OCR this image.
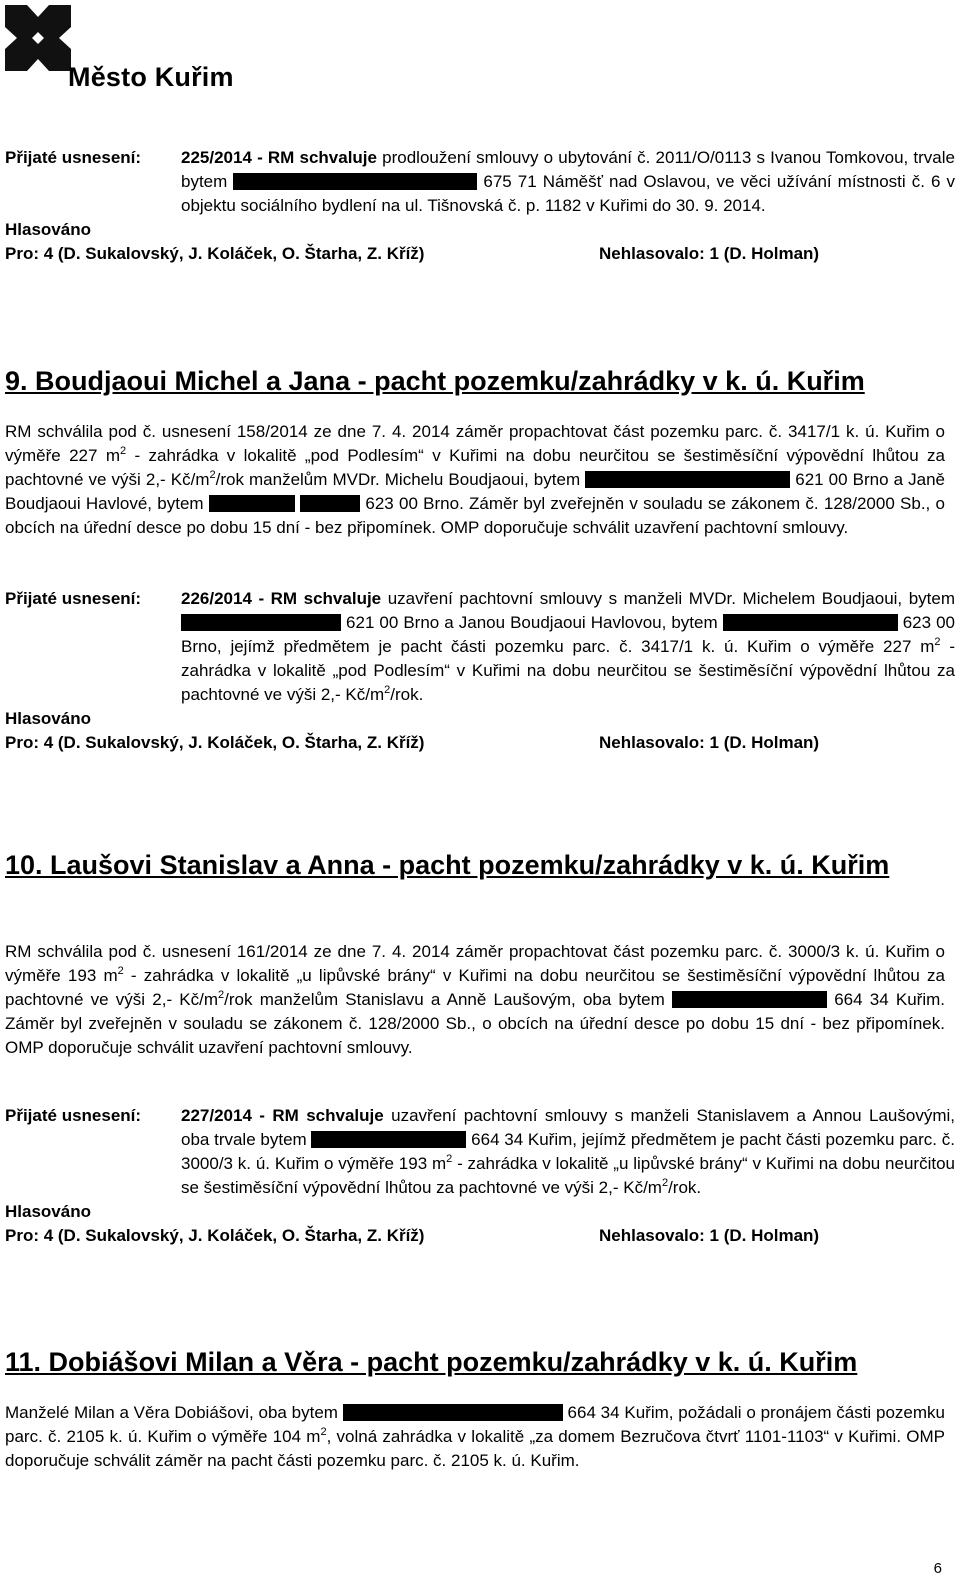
Město Kuřim
Přijaté usnesení:	225/2014 - RM schvaluje prodloužení smlouvy o ubytování č. 2011/O/0113 s Ivanou Tomkovou, trvale bytem	675 71 Náměšť nad Oslavou, ve věci užívání místnosti č. 6 v objektu sociálního bydlení na ul. Tišnovská č. p. 1182 v Kuřimi do 30. 9. 2014.
Hlasováno
Pro: 4 (D. Sukalovský, J. Koláček, O. Štarha, Z. Kříž)	Nehlasovalo: 1 (D. Holman)
9. Boudjaoui Michel a Jana - pacht pozemku/zahrádky v k. ú. Kuřim
RM schválila pod č. usnesení 158/2014 ze dne 7. 4. 2014 záměr propachtovat část pozemku parc. č. 3417/1 k. ú. Kuřim o výměře 227 $m^2$ - zahrádka v lokalitě „pod Podlesím“ v Kuřimi na dobu neurčitou se šestiměsíční výpovědní lhůtou za pachtovné ve výši 2,- $Kč/m^2$/rok manželům MVDr. Michelu Boudjaoui, bytem	621 00 Brno a Janě Boudjaoui Havlové, bytem	623 00 Brno. Záměr byl zveřejněn v souladu se zákonem č. 128/2000 Sb., o obcích na úřední desce po dobu 15 dní - bez připomínek. OMP doporučuje schválit uzavření pachtovní smlouvy.
Přijaté usnesení:	226/2014 - RM schvaluje uzavření pachtovní smlouvy s manželi MVDr. Michelem Boudjaoui, bytem  621 00 Brno a Janou Boudjaoui Havlovou, bytem	623 00 Brno, jejímž předmětem je pacht části pozemku parc. č. 3417/1 k. ú. Kuřim o výměře 227 $m^2$ - zahrádka v lokalitě „pod Podlesím“ v Kuřimi na dobu neurčitou se šestiměsíční výpovědní lhůtou za pachtovné ve výši 2,- $Kč/m^2$/rok.
Hlasováno
Pro: 4 (D. Sukalovský, J. Koláček, O. Štarha, Z. Kříž)	Nehlasovalo: 1 (D. Holman)
10. Laušovi Stanislav a Anna - pacht pozemku/zahrádky v k. ú. Kuřim
RM schválila pod č. usnesení 161/2014 ze dne 7. 4. 2014 záměr propachtovat část pozemku parc. č. 3000/3 k. ú. Kuřim o výměře 193 $m^2$ - zahrádka v lokalitě „u lipůvské brány“ v Kuřimi na dobu neurčitou se šestiměsíční výpovědní lhůtou za pachtovné ve výši 2,- $Kč/m^2$/rok manželům Stanislavu a Anně Laušovým, oba bytem	664 34 Kuřim. Záměr byl zveřejněn v souladu se zákonem č. 128/2000 Sb., o obcích na úřední desce po dobu 15 dní - bez připomínek. OMP doporučuje schválit uzavření pachtovní smlouvy.
Přijaté usnesení:	227/2014 - RM schvaluje uzavření pachtovní smlouvy s manželi Stanislavem a Annou Laušovými, oba trvale bytem	664 34 Kuřim, jejímž předmětem je pacht části pozemku parc. č. 3000/3 k. ú. Kuřim o výměře 193 $m^2$ - zahrádka v lokalitě „u lipůvské brány“ v Kuřimi na dobu neurčitou se šestiměsíční výpovědní lhůtou za pachtovné ve výši 2,- $Kč/m^2$/rok.
Hlasováno
Pro: 4 (D. Sukalovský, J. Koláček, O. Štarha, Z. Kříž)	Nehlasovalo: 1 (D. Holman)
11. Dobiášovi Milan a Věra - pacht pozemku/zahrádky v k. ú. Kuřim
Manželé Milan a Věra Dobiášovi, oba bytem	664 34 Kuřim, požádali o pronájem části pozemku parc. č. 2105 k. ú. Kuřim o výměře 104 $m^2$, volná zahrádka v lokalitě „za domem Bezručova čtvrť 1101-1103“ v Kuřimi. OMP doporučuje schválit záměr na pacht části pozemku parc. č. 2105 k. ú. Kuřim.
6
